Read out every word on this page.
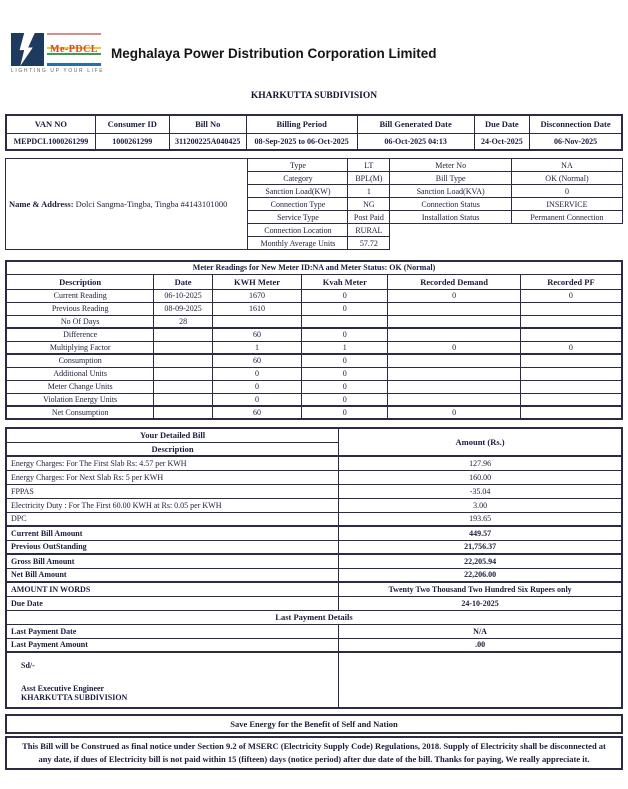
Me-PDCL
LIGHTING UP YOUR LIFE
Meghalaya Power Distribution Corporation Limited
KHARKUTTA SUBDIVISION
VAN NO	Consumer ID	Bill No	Billing Period	Bill Generated Date	Due Date	Disconnection Date
MEPDCL1000261299	1000261299	311200225A040425	08-Sep-2025 to 06-Oct-2025	06-Oct-2025 04:13	24-Oct-2025	06-Nov-2025
Name & Address: Dolci Sangma-Tingba, Tingba #4143101000	Type	LT	Meter No	NA
	Category	BPL(M)	Bill Type	OK (Normal)
	Sanction Load(KW)	1	Sanction Load(KVA)	0
	Connection Type	NG	Connection Status	INSERVICE
	Service Type	Post Paid	Installation Status	Permanent Connection
	Connection Location	RURAL		
	Monthly Average Units	57.72		
Meter Readings for New Meter ID:NA and Meter Status: OK (Normal)					
Description	Date	KWH Meter	Kvah Meter	Recorded Demand	Recorded PF
Current Reading	06-10-2025	1670	0	0	0
Previous Reading	08-09-2025	1610	0		
No Of Days	28				
Difference		60	0		
Multiplying Factor		1	1	0	0
Consumption		60	0		
Additional Units		0	0		
Meter Change Units		0	0		
Violation Energy Units		0	0		
Net Consumption		60	0	0	
Your Detailed Bill	Amount (Rs.)
Description	
Energy Charges: For The First Slab Rs: 4.57 per KWH	127.96
Energy Charges: For Next Slab Rs: 5 per KWH	160.00
FPPAS	-35.04
Electricity Duty : For The First 60.00 KWH at Rs: 0.05 per KWH	3.00
DPC	193.65
Current Bill Amount	449.57
Previous OutStanding	21,756.37
Gross Bill Amount	22,205.94
Net Bill Amount	22,206.00
AMOUNT IN WORDS	Twenty Two Thousand Two Hundred Six Rupees only
Due Date	24-10-2025
Last Payment Details	
Last Payment Date	N/A
Last Payment Amount	.00

Sd/-
Asst Executive Engineer
KHARKUTTA SUBDIVISION	

Save Energy for the Benefit of Self and Nation
This Bill will be Construed as final notice under Section 9.2 of MSERC (Electricity Supply Code) Regulations, 2018. Supply of Electricity shall be disconnected at any date, if dues of Electricity bill is not paid within 15 (fifteen) days (notice period) after due date of the bill. Thanks for paying, We really appreciate it.
